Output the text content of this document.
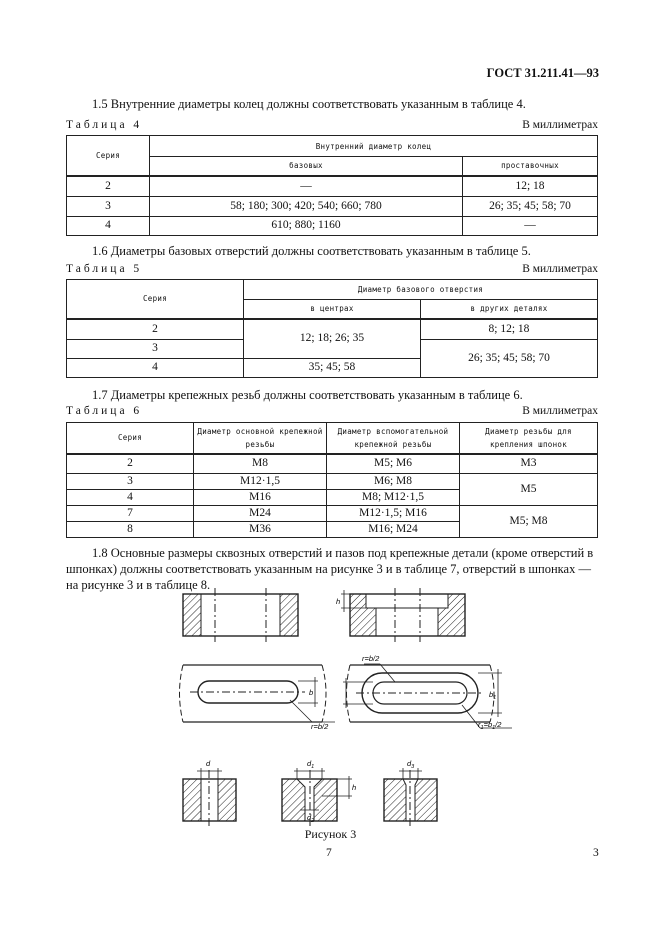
ГОСТ 31.211.41—93
1.5 Внутренние диаметры колец должны соответствовать указанным в таблице 4.
Таблица 4	В миллиметрах
Серия	Внутренний диаметр колец	
	базовых	проставочных
2	—	12; 18
3	58; 180; 300; 420; 540; 660; 780	26; 35; 45; 58; 70
4	610; 880; 1160	—
1.6 Диаметры базовых отверстий должны соответствовать указанным в таблице 5.
Таблица 5	В миллиметрах
Серия	Диаметр базового отверстия	
	в центрах	в других деталях
2	12; 18; 26; 35	8; 12; 18
3		26; 35; 45; 58; 70
4	35; 45; 58	
1.7 Диаметры крепежных резьб должны соответствовать указанным в таблице 6.
Таблица 6	В миллиметрах
Серия	Диаметр основной крепежной резьбы	Диаметр вспомогательной крепежной резьбы	Диаметр резьбы для крепления шпонок
2	M8	M5; M6	M3
3	M12·1,5	M6; M8	M5
4	M16	M8; M12·1,5	
7	M24	M12·1,5; M16	M5; M8
8	M36	M16; M24	
1.8 Основные размеры сквозных отверстий и пазов под крепежные детали (кроме отверстий в шпонках) должны соответствовать указанным на рисунке 3 и в таблице 7, отверстий в шпонках — на рисунке 3 и в таблице 8.
h
b
r=b/2
r=b/2
$b_1$
$r_1=b_1/2$
d	$d_1$
h
$d_2$
$d_3$
Рисунок 3
7	3
